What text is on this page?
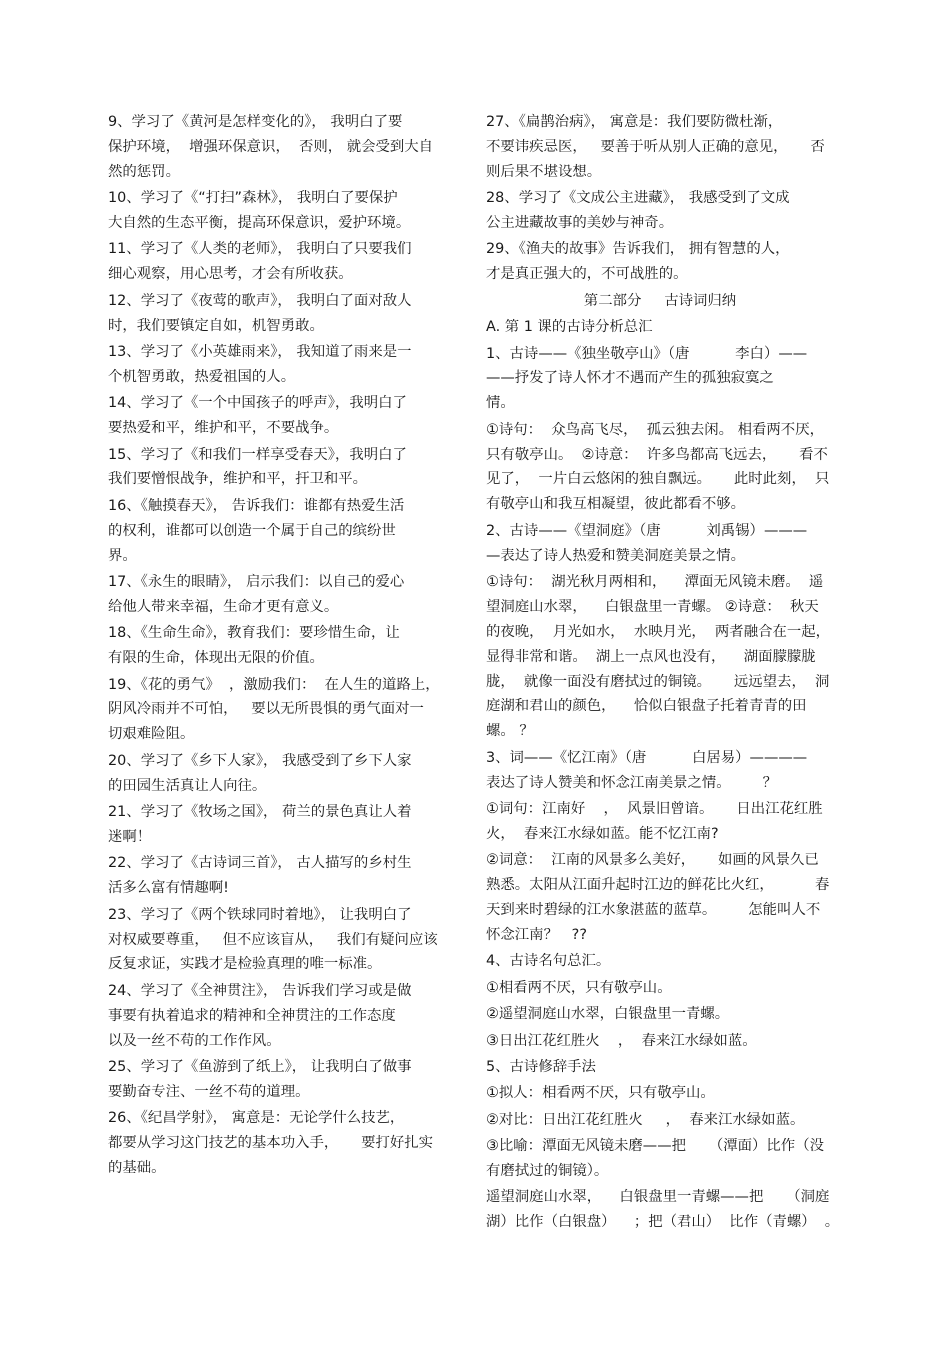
9、学习了《黄河是怎样变化的》， 我明白了要
保护环境，  增强环保意识，  否则， 就会受到大自
然的惩罚。
10、学习了《“打扫”森林》， 我明白了要保护
大自然的生态平衡，提高环保意识，爱护环境。
11、学习了《人类的老师》， 我明白了只要我们
细心观察，用心思考，才会有所收获。
12、学习了《夜莺的歌声》， 我明白了面对敌人
时，我们要镇定自如，机智勇敢。
13、学习了《小英雄雨来》， 我知道了雨来是一
个机智勇敢，热爱祖国的人。
14、学习了《一个中国孩子的呼声》，我明白了
要热爱和平，维护和平，不要战争。
15、学习了《和我们一样享受春天》，我明白了
我们要憎恨战争，维护和平，扞卫和平。
16、《触摸春天》， 告诉我们：谁都有热爱生活
的权利，谁都可以创造一个属于自己的缤纷世
界。
17、《永生的眼睛》， 启示我们：以自己的爱心
给他人带来幸福，生命才更有意义。
18、《生命生命》，教育我们：要珍惜生命，让
有限的生命，体现出无限的价值。
19、《花的勇气》  ，激励我们：  在人生的道路上，
阴风冷雨并不可怕，   要以无所畏惧的勇气面对一
切艰难险阻。
20、学习了《乡下人家》， 我感受到了乡下人家
的田园生活真让人向往。
21、学习了《牧场之国》， 荷兰的景色真让人着
迷啊！
22、学习了《古诗词三首》， 古人描写的乡村生
活多么富有情趣啊!
23、学习了《两个铁球同时着地》， 让我明白了
对权威要尊重，   但不应该盲从，   我们有疑问应该
反复求证，实践才是检验真理的唯一标准。
24、学习了《全神贯注》， 告诉我们学习或是做
事要有执着追求的精神和全神贯注的工作态度
以及一丝不苟的工作作风。
25、学习了《鱼游到了纸上》， 让我明白了做事
要勤奋专注、一丝不苟的道理。
26、《纪昌学射》， 寓意是：无论学什么技艺，
都要从学习这门技艺的基本功入手，     要打好扎实
的基础。
27、《扁鹊治病》， 寓意是：我们要防微杜渐，
不要讳疾忌医，   要善于听从别人正确的意见，     否
则后果不堪设想。
28、学习了《文成公主进藏》， 我感受到了文成
公主进藏故事的美妙与神奇。
29、《渔夫的故事》告诉我们， 拥有智慧的人，
才是真正强大的，不可战胜的。
第二部分     古诗词归纳
A. 第 1 课的古诗分析总汇
1、古诗——《独坐敬亭山》（唐          李白）——
——抒发了诗人怀才不遇而产生的孤独寂寞之
情。
①诗句：  众鸟高飞尽，  孤云独去闲。 相看两不厌，
只有敬亭山。  ②诗意：  许多鸟都高飞远去，     看不
见了，  一片白云悠闲的独自飘远。     此时此刻，  只
有敬亭山和我互相凝望，彼此都看不够。
2、古诗——《望洞庭》（唐          刘禹锡）———
—表达了诗人热爱和赞美洞庭美景之情。
①诗句：  湖光秋月两相和，    潭面无风镜未磨。  遥
望洞庭山水翠，    白银盘里一青螺。 ②诗意：  秋天
的夜晚，  月光如水，  水映月光，  两者融合在一起，
显得非常和谐。  湖上一点风也没有，    湖面朦朦胧
胧，  就像一面没有磨拭过的铜镜。     远远望去，  洞
庭湖和君山的颜色，    恰似白银盘子托着青青的田
螺。 ？
3、词——《忆江南》（唐          白居易）————
表达了诗人赞美和怀念江南美景之情。       ？
①词句：江南好    ，  风景旧曾谙。     日出江花红胜
火，  春来江水绿如蓝。能不忆江南?
②词意：  江南的风景多么美好，     如画的风景久已
熟悉。太阳从江面升起时江边的鲜花比火红，         春
天到来时碧绿的江水象湛蓝的蓝草。       怎能叫人不
怀念江南？   ??
4、古诗名句总汇。
①相看两不厌，只有敬亭山。
②遥望洞庭山水翠，白银盘里一青螺。
③日出江花红胜火    ，  春来江水绿如蓝。
5、古诗修辞手法
①拟人：相看两不厌，只有敬亭山。
②对比：日出江花红胜火     ，  春来江水绿如蓝。
③比喻：潭面无风镜未磨——把     （潭面）比作（没
有磨拭过的铜镜）。
遥望洞庭山水翠，    白银盘里一青螺——把     （洞庭
湖）比作（白银盘）    ；把（君山）  比作（青螺）  。
